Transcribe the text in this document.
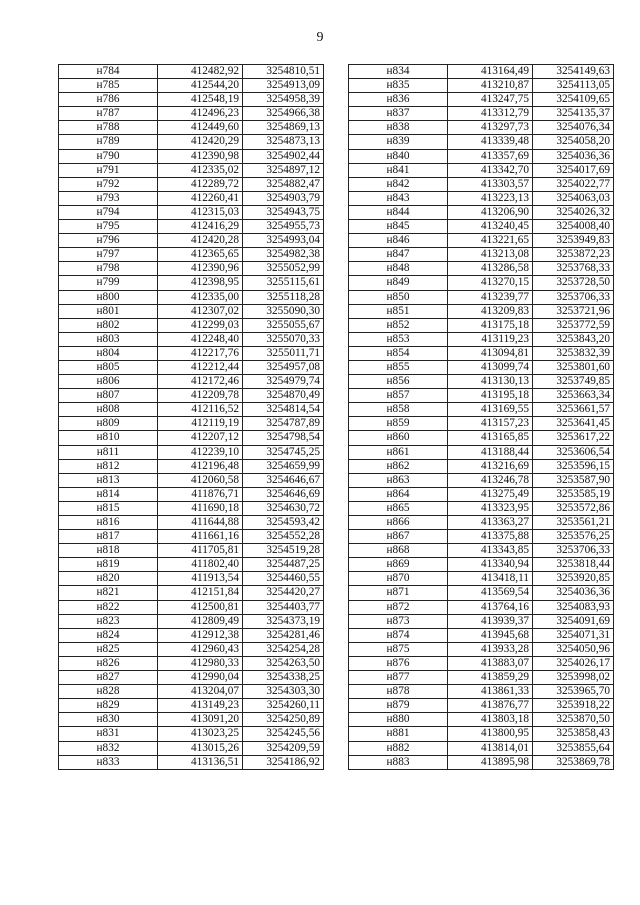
9
н784	412482,92	3254810,51
н785	412544,20	3254913,09
н786	412548,19	3254958,39
н787	412496,23	3254966,38
н788	412449,60	3254869,13
н789	412420,29	3254873,13
н790	412390,98	3254902,44
н791	412335,02	3254897,12
н792	412289,72	3254882,47
н793	412260,41	3254903,79
н794	412315,03	3254943,75
н795	412416,29	3254955,73
н796	412420,28	3254993,04
н797	412365,65	3254982,38
н798	412390,96	3255052,99
н799	412398,95	3255115,61
н800	412335,00	3255118,28
н801	412307,02	3255090,30
н802	412299,03	3255055,67
н803	412248,40	3255070,33
н804	412217,76	3255011,71
н805	412212,44	3254957,08
н806	412172,46	3254979,74
н807	412209,78	3254870,49
н808	412116,52	3254814,54
н809	412119,19	3254787,89
н810	412207,12	3254798,54
н811	412239,10	3254745,25
н812	412196,48	3254659,99
н813	412060,58	3254646,67
н814	411876,71	3254646,69
н815	411690,18	3254630,72
н816	411644,88	3254593,42
н817	411661,16	3254552,28
н818	411705,81	3254519,28
н819	411802,40	3254487,25
н820	411913,54	3254460,55
н821	412151,84	3254420,27
н822	412500,81	3254403,77
н823	412809,49	3254373,19
н824	412912,38	3254281,46
н825	412960,43	3254254,28
н826	412980,33	3254263,50
н827	412990,04	3254338,25
н828	413204,07	3254303,30
н829	413149,23	3254260,11
н830	413091,20	3254250,89
н831	413023,25	3254245,56
н832	413015,26	3254209,59
н833	413136,51	3254186,92
н834	413164,49	3254149,63
н835	413210,87	3254113,05
н836	413247,75	3254109,65
н837	413312,79	3254135,37
н838	413297,73	3254076,34
н839	413339,48	3254058,20
н840	413357,69	3254036,36
н841	413342,70	3254017,69
н842	413303,57	3254022,77
н843	413223,13	3254063,03
н844	413206,90	3254026,32
н845	413240,45	3254008,40
н846	413221,65	3253949,83
н847	413213,08	3253872,23
н848	413286,58	3253768,33
н849	413270,15	3253728,50
н850	413239,77	3253706,33
н851	413209,83	3253721,96
н852	413175,18	3253772,59
н853	413119,23	3253843,20
н854	413094,81	3253832,39
н855	413099,74	3253801,60
н856	413130,13	3253749,85
н857	413195,18	3253663,34
н858	413169,55	3253661,57
н859	413157,23	3253641,45
н860	413165,85	3253617,22
н861	413188,44	3253606,54
н862	413216,69	3253596,15
н863	413246,78	3253587,90
н864	413275,49	3253585,19
н865	413323,95	3253572,86
н866	413363,27	3253561,21
н867	413375,88	3253576,25
н868	413343,85	3253706,33
н869	413340,94	3253818,44
н870	413418,11	3253920,85
н871	413569,54	3254036,36
н872	413764,16	3254083,93
н873	413939,37	3254091,69
н874	413945,68	3254071,31
н875	413933,28	3254050,96
н876	413883,07	3254026,17
н877	413859,29	3253998,02
н878	413861,33	3253965,70
н879	413876,77	3253918,22
н880	413803,18	3253870,50
н881	413800,95	3253858,43
н882	413814,01	3253855,64
н883	413895,98	3253869,78
